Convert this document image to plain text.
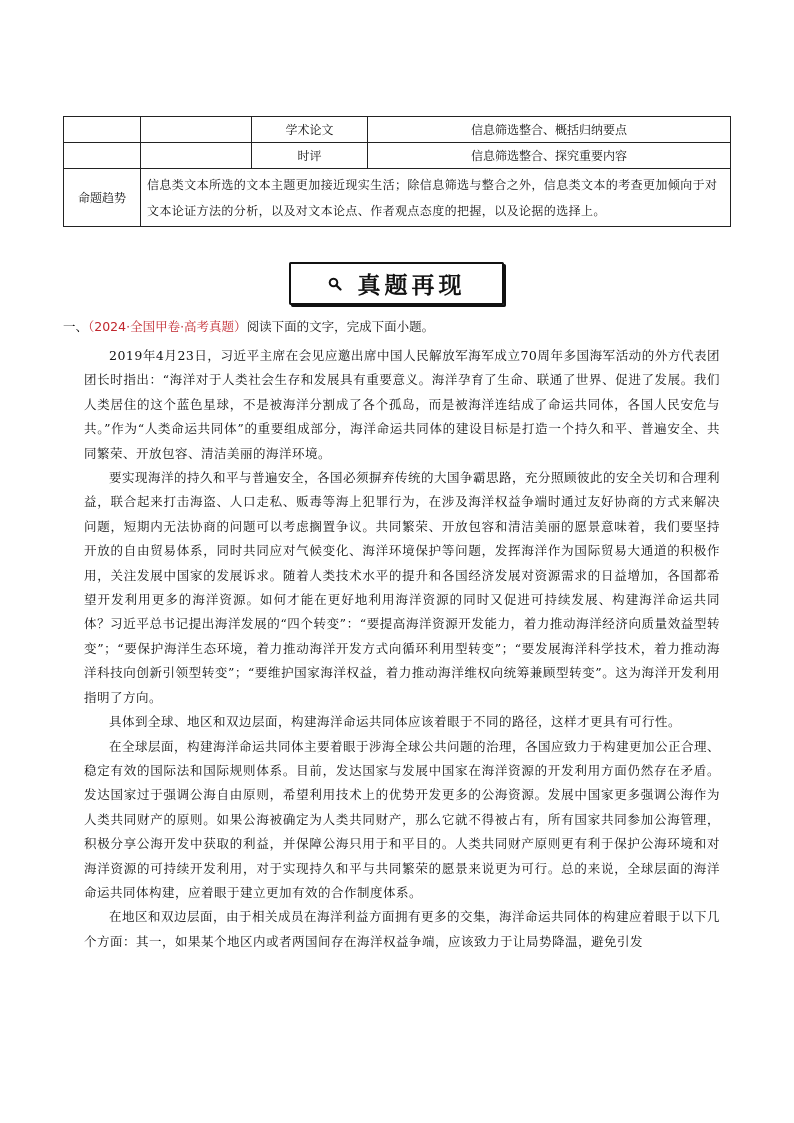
		学术论文	信息筛选整合、概括归纳要点
		时评	信息筛选整合、探究重要内容
命题趋势	信息类文本所选的文本主题更加接近现实生活；除信息筛选与整合之外，信息类文本的考查更加倾向于对文本论证方法的分析，以及对文本论点、作者观点态度的把握，以及论据的选择上。		
真题再现
一、（2024·全国甲卷·高考真题）阅读下面的文字，完成下面小题。

2019年4月23日，习近平主席在会见应邀出席中国人民解放军海军成立70周年多国海军活动的外方代表团团长时指出：“海洋对于人类社会生存和发展具有重要意义。海洋孕育了生命、联通了世界、促进了发展。我们人类居住的这个蓝色星球，不是被海洋分割成了各个孤岛，而是被海洋连结成了命运共同体，各国人民安危与共。”作为“人类命运共同体”的重要组成部分，海洋命运共同体的建设目标是打造一个持久和平、普遍安全、共同繁荣、开放包容、清洁美丽的海洋环境。

要实现海洋的持久和平与普遍安全，各国必须摒弃传统的大国争霸思路，充分照顾彼此的安全关切和合理利益，联合起来打击海盗、人口走私、贩毒等海上犯罪行为，在涉及海洋权益争端时通过友好协商的方式来解决问题，短期内无法协商的问题可以考虑搁置争议。共同繁荣、开放包容和清洁美丽的愿景意味着，我们要坚持开放的自由贸易体系，同时共同应对气候变化、海洋环境保护等问题，发挥海洋作为国际贸易大通道的积极作用，关注发展中国家的发展诉求。随着人类技术水平的提升和各国经济发展对资源需求的日益增加，各国都希望开发利用更多的海洋资源。如何才能在更好地利用海洋资源的同时又促进可持续发展、构建海洋命运共同体？习近平总书记提出海洋发展的“四个转变”：“要提高海洋资源开发能力，着力推动海洋经济向质量效益型转变”；“要保护海洋生态环境，着力推动海洋开发方式向循环利用型转变”；“要发展海洋科学技术，着力推动海洋科技向创新引领型转变”；“要维护国家海洋权益，着力推动海洋维权向统筹兼顾型转变”。这为海洋开发利用指明了方向。

具体到全球、地区和双边层面，构建海洋命运共同体应该着眼于不同的路径，这样才更具有可行性。

在全球层面，构建海洋命运共同体主要着眼于涉海全球公共问题的治理，各国应致力于构建更加公正合理、稳定有效的国际法和国际规则体系。目前，发达国家与发展中国家在海洋资源的开发利用方面仍然存在矛盾。发达国家过于强调公海自由原则，希望利用技术上的优势开发更多的公海资源。发展中国家更多强调公海作为人类共同财产的原则。如果公海被确定为人类共同财产，那么它就不得被占有，所有国家共同参加公海管理，积极分享公海开发中获取的利益，并保障公海只用于和平目的。人类共同财产原则更有利于保护公海环境和对海洋资源的可持续开发利用，对于实现持久和平与共同繁荣的愿景来说更为可行。总的来说，全球层面的海洋命运共同体构建，应着眼于建立更加有效的合作制度体系。

在地区和双边层面，由于相关成员在海洋利益方面拥有更多的交集，海洋命运共同体的构建应着眼于以下几个方面：其一，如果某个地区内或者两国间存在海洋权益争端，应该致力于让局势降温，避免引发
